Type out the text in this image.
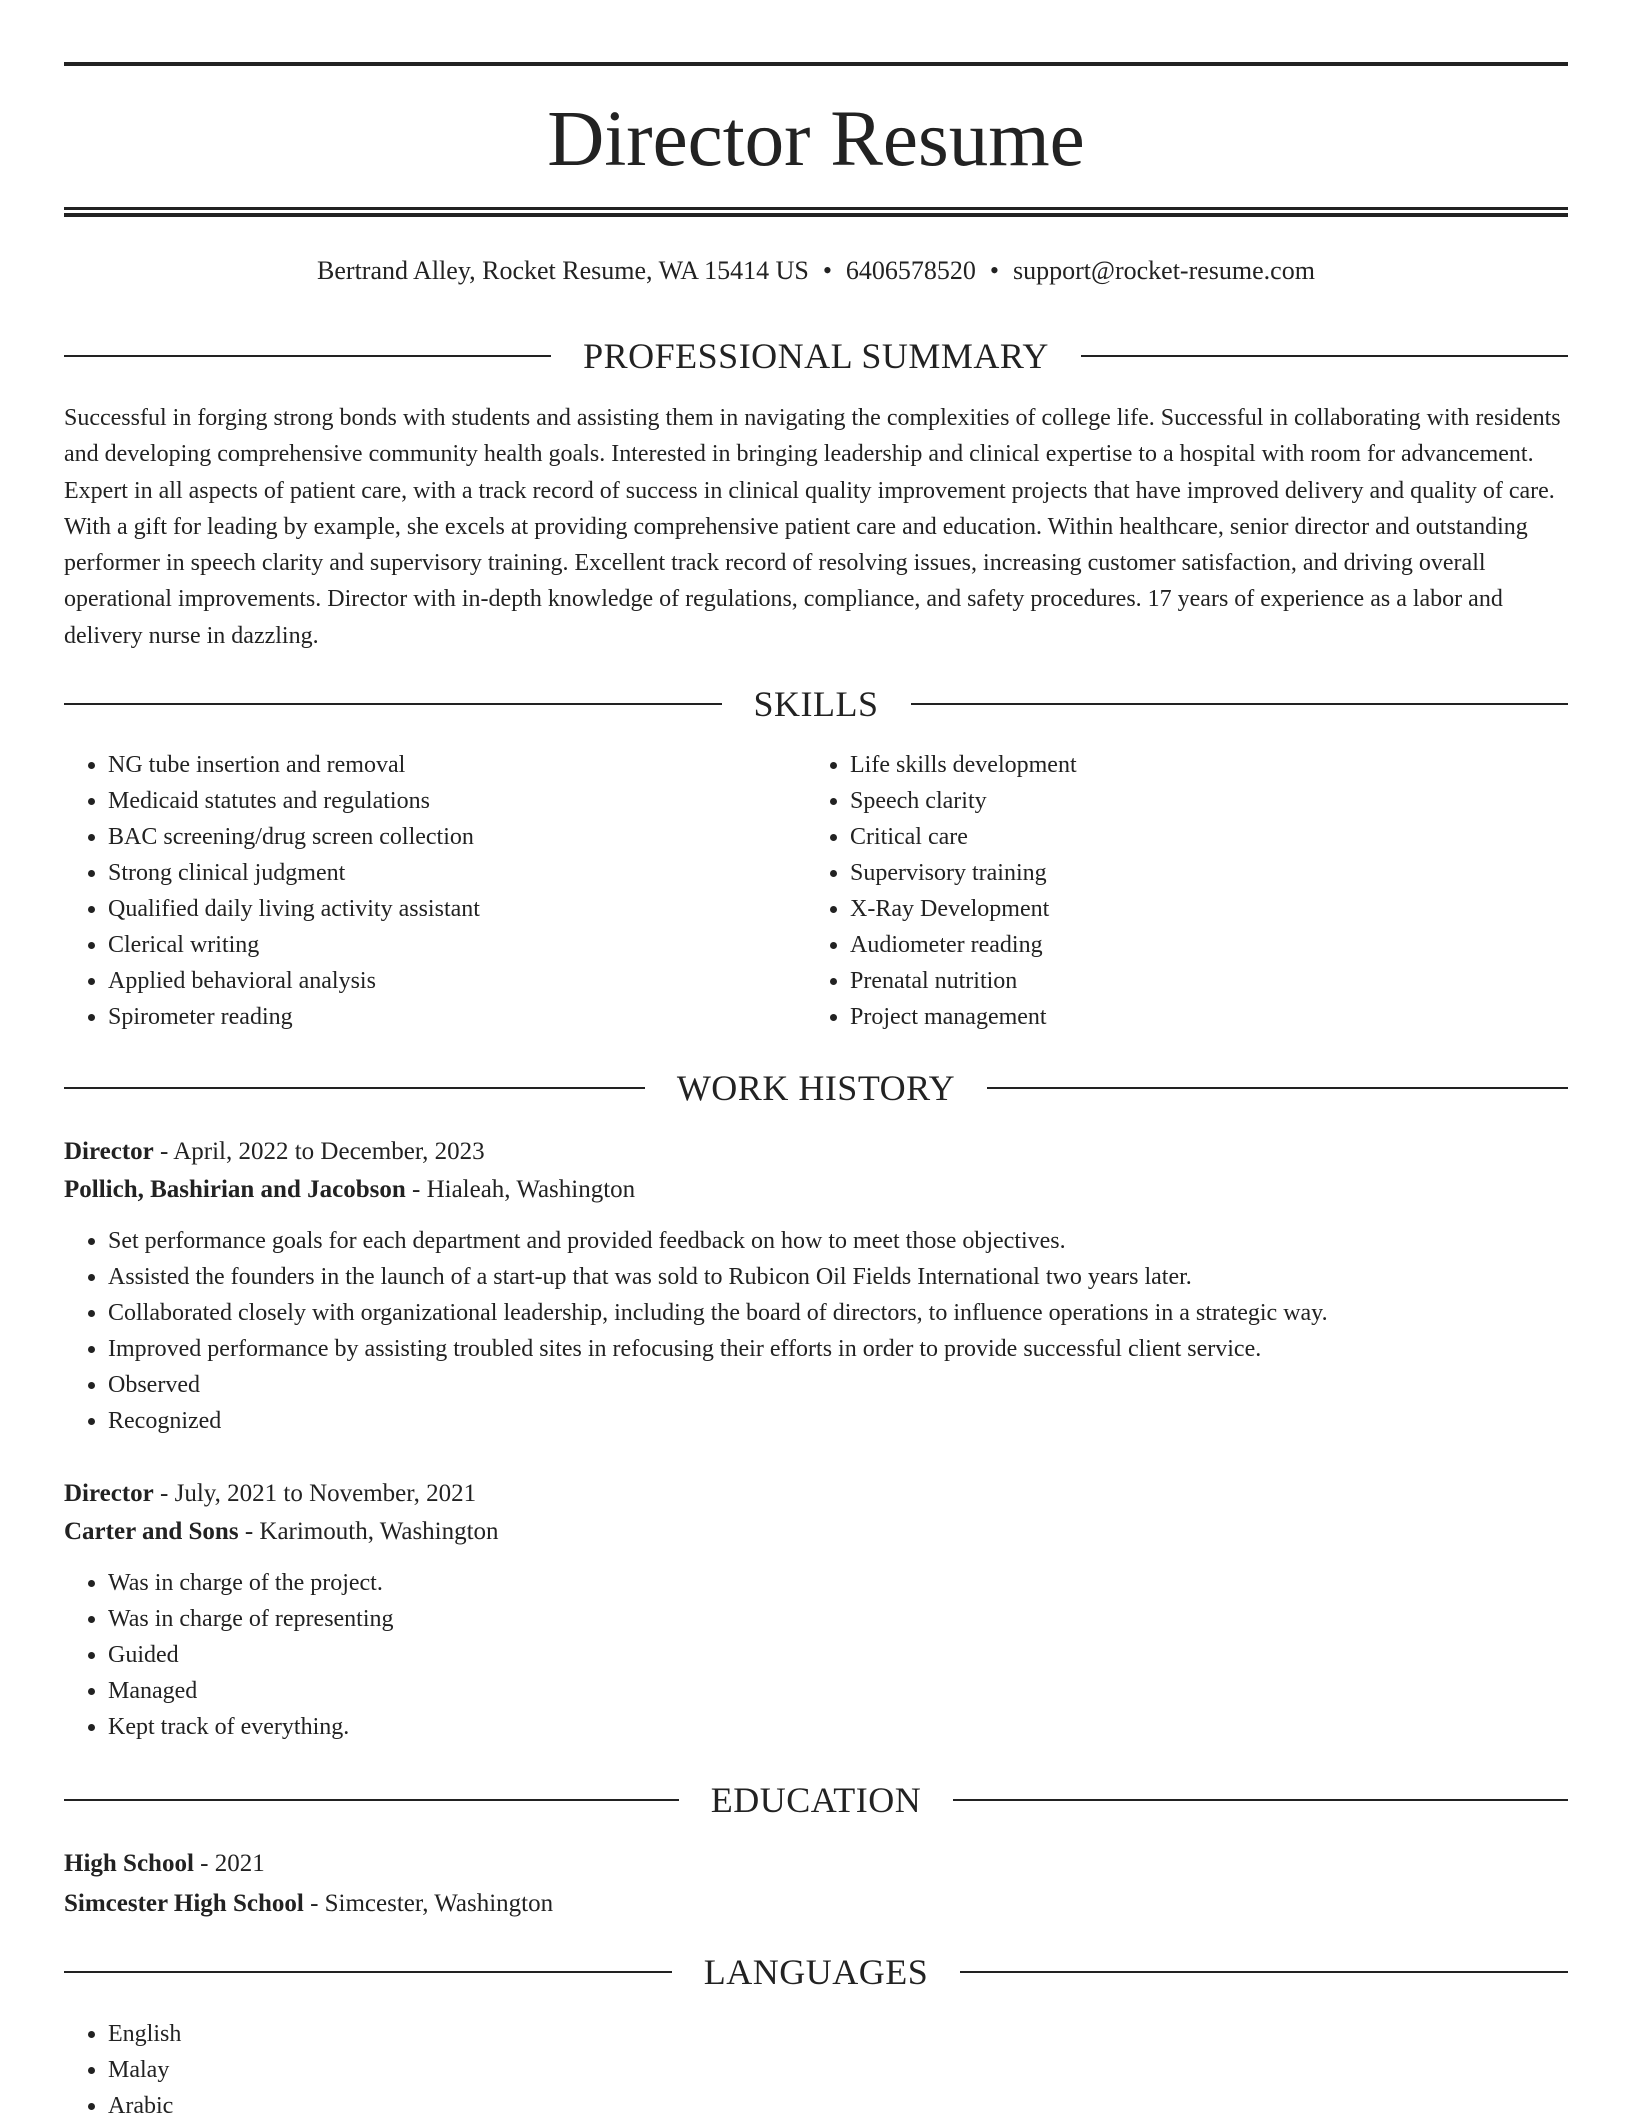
Director Resume
Bertrand Alley, Rocket Resume, WA 15414 US • 6406578520 • support@rocket-resume.com
PROFESSIONAL SUMMARY

Successful in forging strong bonds with students and assisting them in navigating the complexities of college life. Successful in collaborating with residents and developing comprehensive community health goals. Interested in bringing leadership and clinical expertise to a hospital with room for advancement. Expert in all aspects of patient care, with a track record of success in clinical quality improvement projects that have improved delivery and quality of care. With a gift for leading by example, she excels at providing comprehensive patient care and education. Within healthcare, senior director and outstanding performer in speech clarity and supervisory training. Excellent track record of resolving issues, increasing customer satisfaction, and driving overall operational improvements. Director with in-depth knowledge of regulations, compliance, and safety procedures. 17 years of experience as a labor and delivery nurse in dazzling.

SKILLS
• NG tube insertion and removal
• Medicaid statutes and regulations
• BAC screening/drug screen collection
• Strong clinical judgment
• Qualified daily living activity assistant
• Clerical writing
• Applied behavioral analysis
• Spirometer reading
• Life skills development
• Speech clarity
• Critical care
• Supervisory training
• X-Ray Development
• Audiometer reading
• Prenatal nutrition
• Project management
WORK HISTORY
Director - April, 2022 to December, 2023
Pollich, Bashirian and Jacobson - Hialeah, Washington
• Set performance goals for each department and provided feedback on how to meet those objectives.
• Assisted the founders in the launch of a start-up that was sold to Rubicon Oil Fields International two years later.
• Collaborated closely with organizational leadership, including the board of directors, to influence operations in a strategic way.
• Improved performance by assisting troubled sites in refocusing their efforts in order to provide successful client service.
• Observed
• Recognized
Director - July, 2021 to November, 2021
Carter and Sons - Karimouth, Washington
• Was in charge of the project.
• Was in charge of representing
• Guided
• Managed
• Kept track of everything.
EDUCATION
High School - 2021
Simcester High School - Simcester, Washington
LANGUAGES
• English
• Malay
• Arabic
